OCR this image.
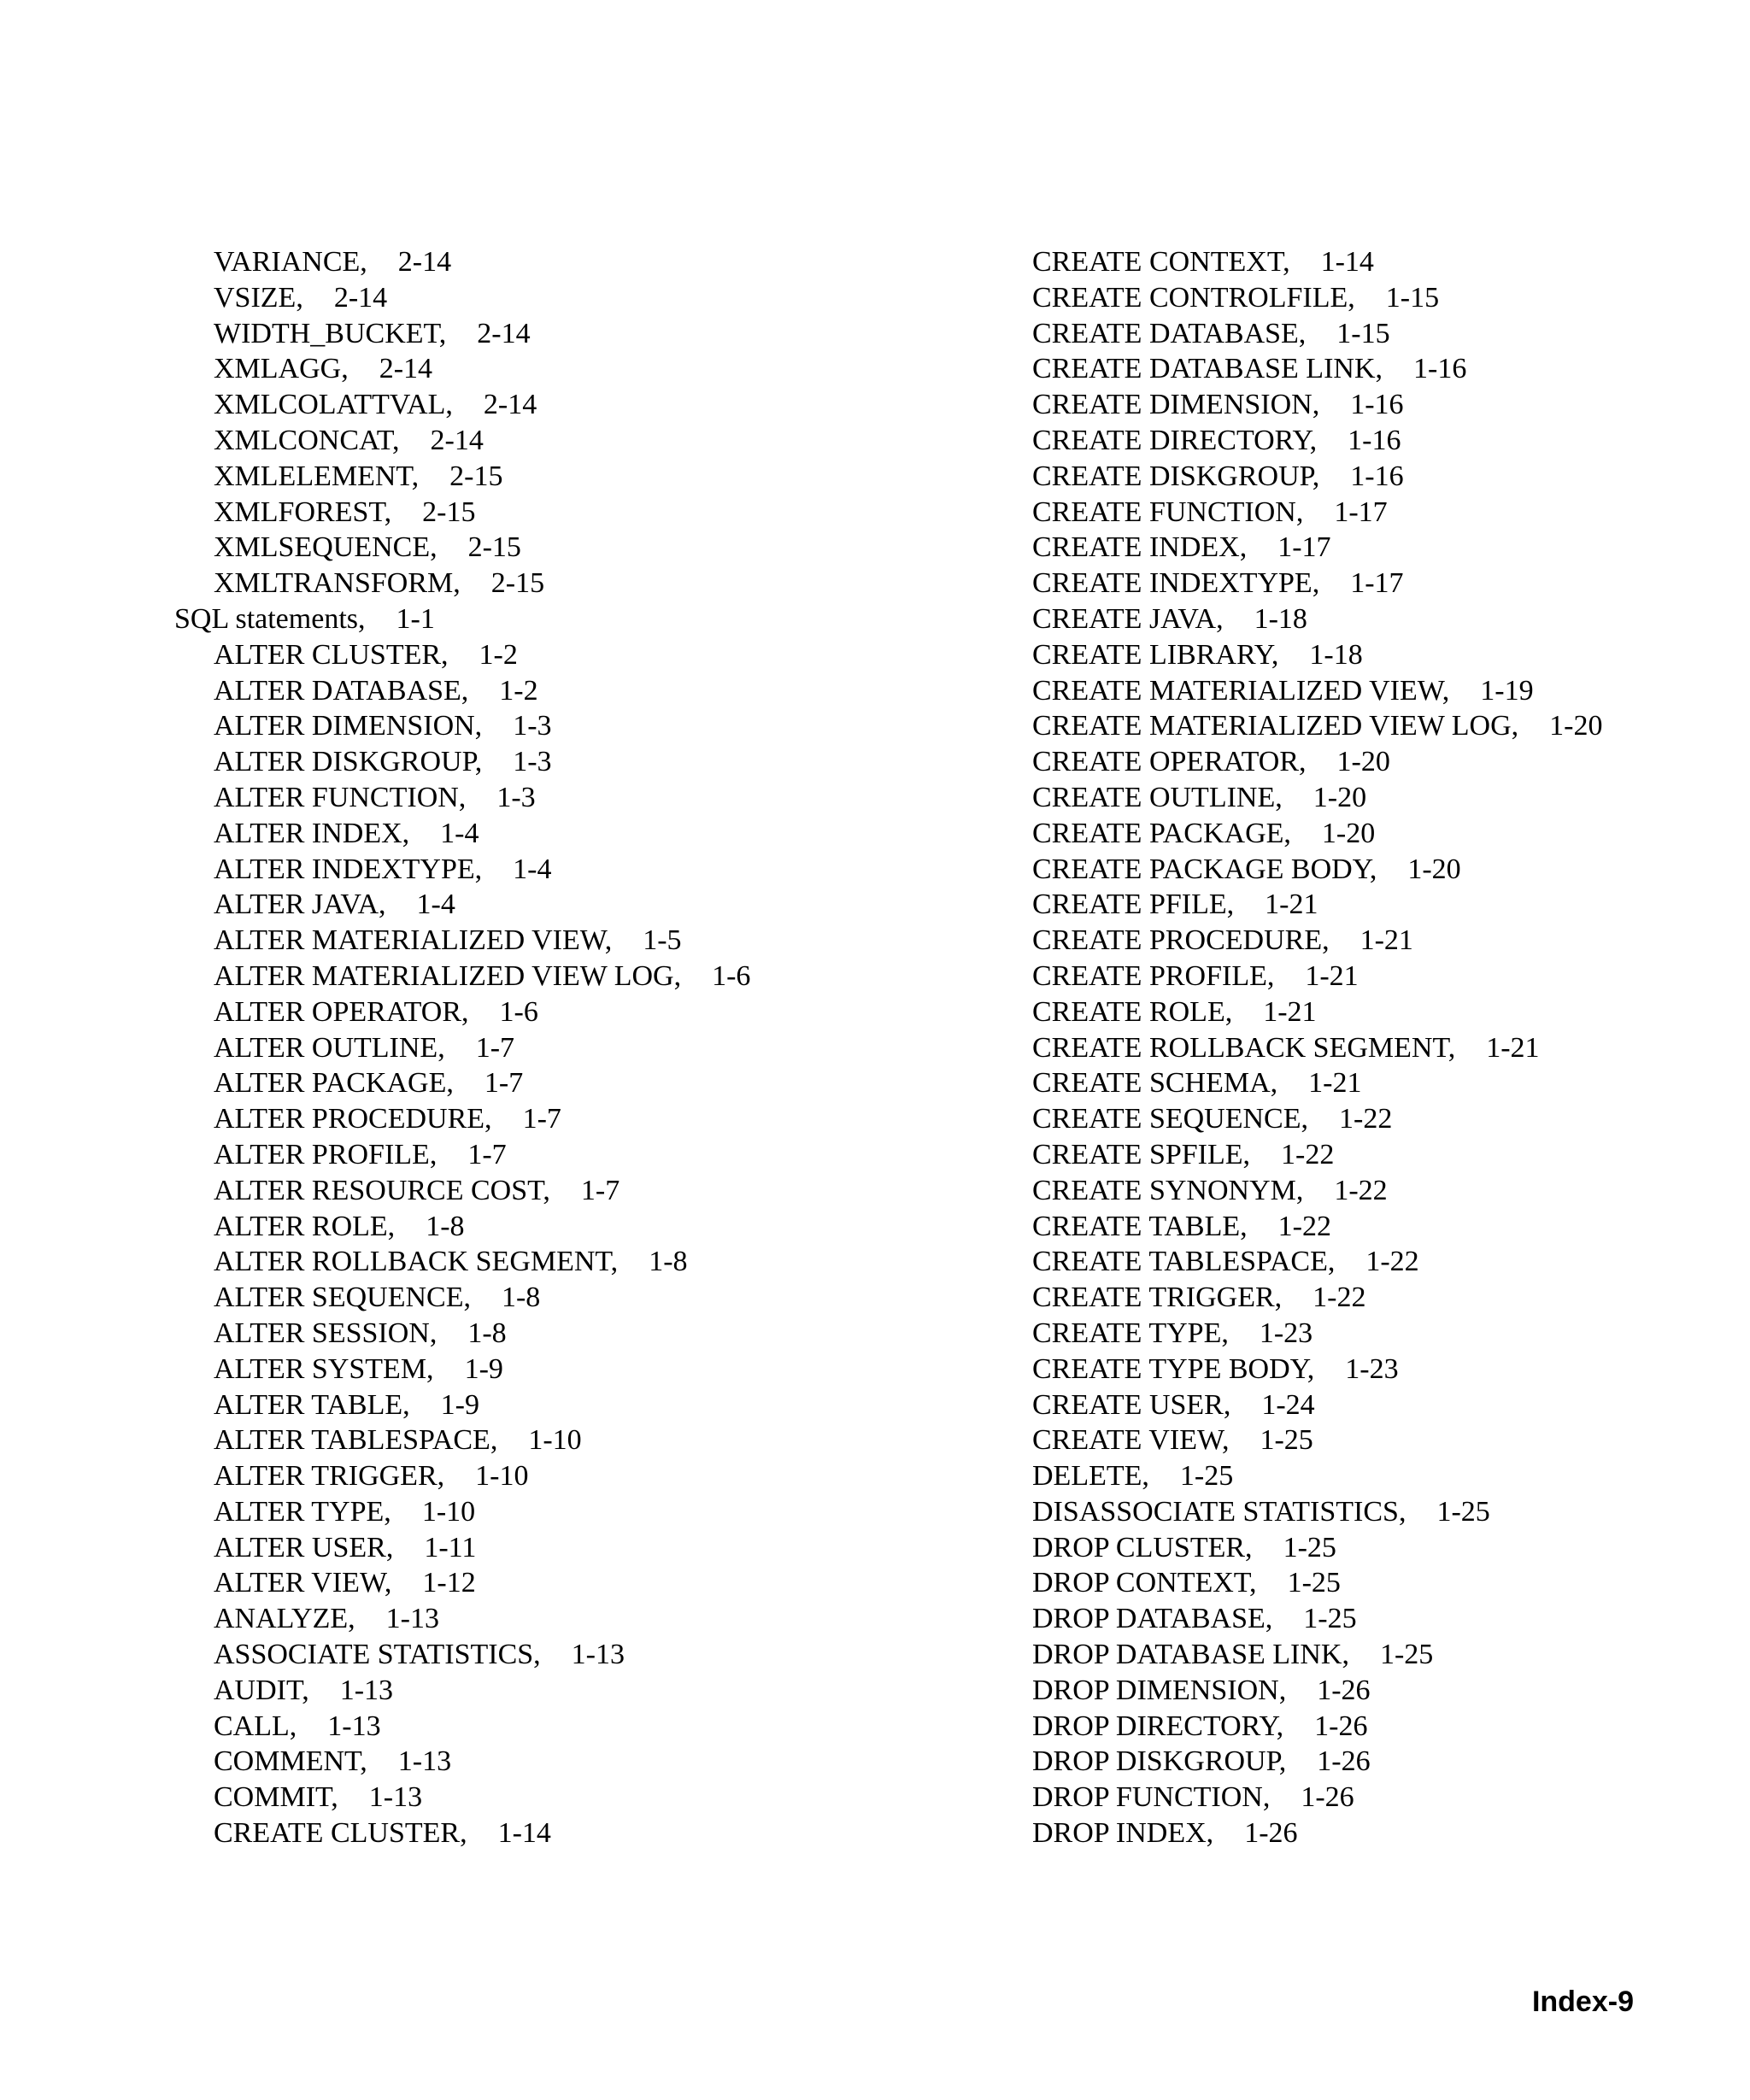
VARIANCE, 2-14
VSIZE, 2-14
WIDTH_BUCKET, 2-14
XMLAGG, 2-14
XMLCOLATTVAL, 2-14
XMLCONCAT, 2-14
XMLELEMENT, 2-15
XMLFOREST, 2-15
XMLSEQUENCE, 2-15
XMLTRANSFORM, 2-15
SQL statements, 1-1
ALTER CLUSTER, 1-2
ALTER DATABASE, 1-2
ALTER DIMENSION, 1-3
ALTER DISKGROUP, 1-3
ALTER FUNCTION, 1-3
ALTER INDEX, 1-4
ALTER INDEXTYPE, 1-4
ALTER JAVA, 1-4
ALTER MATERIALIZED VIEW, 1-5
ALTER MATERIALIZED VIEW LOG, 1-6
ALTER OPERATOR, 1-6
ALTER OUTLINE, 1-7
ALTER PACKAGE, 1-7
ALTER PROCEDURE, 1-7
ALTER PROFILE, 1-7
ALTER RESOURCE COST, 1-7
ALTER ROLE, 1-8
ALTER ROLLBACK SEGMENT, 1-8
ALTER SEQUENCE, 1-8
ALTER SESSION, 1-8
ALTER SYSTEM, 1-9
ALTER TABLE, 1-9
ALTER TABLESPACE, 1-10
ALTER TRIGGER, 1-10
ALTER TYPE, 1-10
ALTER USER, 1-11
ALTER VIEW, 1-12
ANALYZE, 1-13
ASSOCIATE STATISTICS, 1-13
AUDIT, 1-13
CALL, 1-13
COMMENT, 1-13
COMMIT, 1-13
CREATE CLUSTER, 1-14
CREATE CONTEXT, 1-14
CREATE CONTROLFILE, 1-15
CREATE DATABASE, 1-15
CREATE DATABASE LINK, 1-16
CREATE DIMENSION, 1-16
CREATE DIRECTORY, 1-16
CREATE DISKGROUP, 1-16
CREATE FUNCTION, 1-17
CREATE INDEX, 1-17
CREATE INDEXTYPE, 1-17
CREATE JAVA, 1-18
CREATE LIBRARY, 1-18
CREATE MATERIALIZED VIEW, 1-19
CREATE MATERIALIZED VIEW LOG, 1-20
CREATE OPERATOR, 1-20
CREATE OUTLINE, 1-20
CREATE PACKAGE, 1-20
CREATE PACKAGE BODY, 1-20
CREATE PFILE, 1-21
CREATE PROCEDURE, 1-21
CREATE PROFILE, 1-21
CREATE ROLE, 1-21
CREATE ROLLBACK SEGMENT, 1-21
CREATE SCHEMA, 1-21
CREATE SEQUENCE, 1-22
CREATE SPFILE, 1-22
CREATE SYNONYM, 1-22
CREATE TABLE, 1-22
CREATE TABLESPACE, 1-22
CREATE TRIGGER, 1-22
CREATE TYPE, 1-23
CREATE TYPE BODY, 1-23
CREATE USER, 1-24
CREATE VIEW, 1-25
DELETE, 1-25
DISASSOCIATE STATISTICS, 1-25
DROP CLUSTER, 1-25
DROP CONTEXT, 1-25
DROP DATABASE, 1-25
DROP DATABASE LINK, 1-25
DROP DIMENSION, 1-26
DROP DIRECTORY, 1-26
DROP DISKGROUP, 1-26
DROP FUNCTION, 1-26
DROP INDEX, 1-26
Index-9
